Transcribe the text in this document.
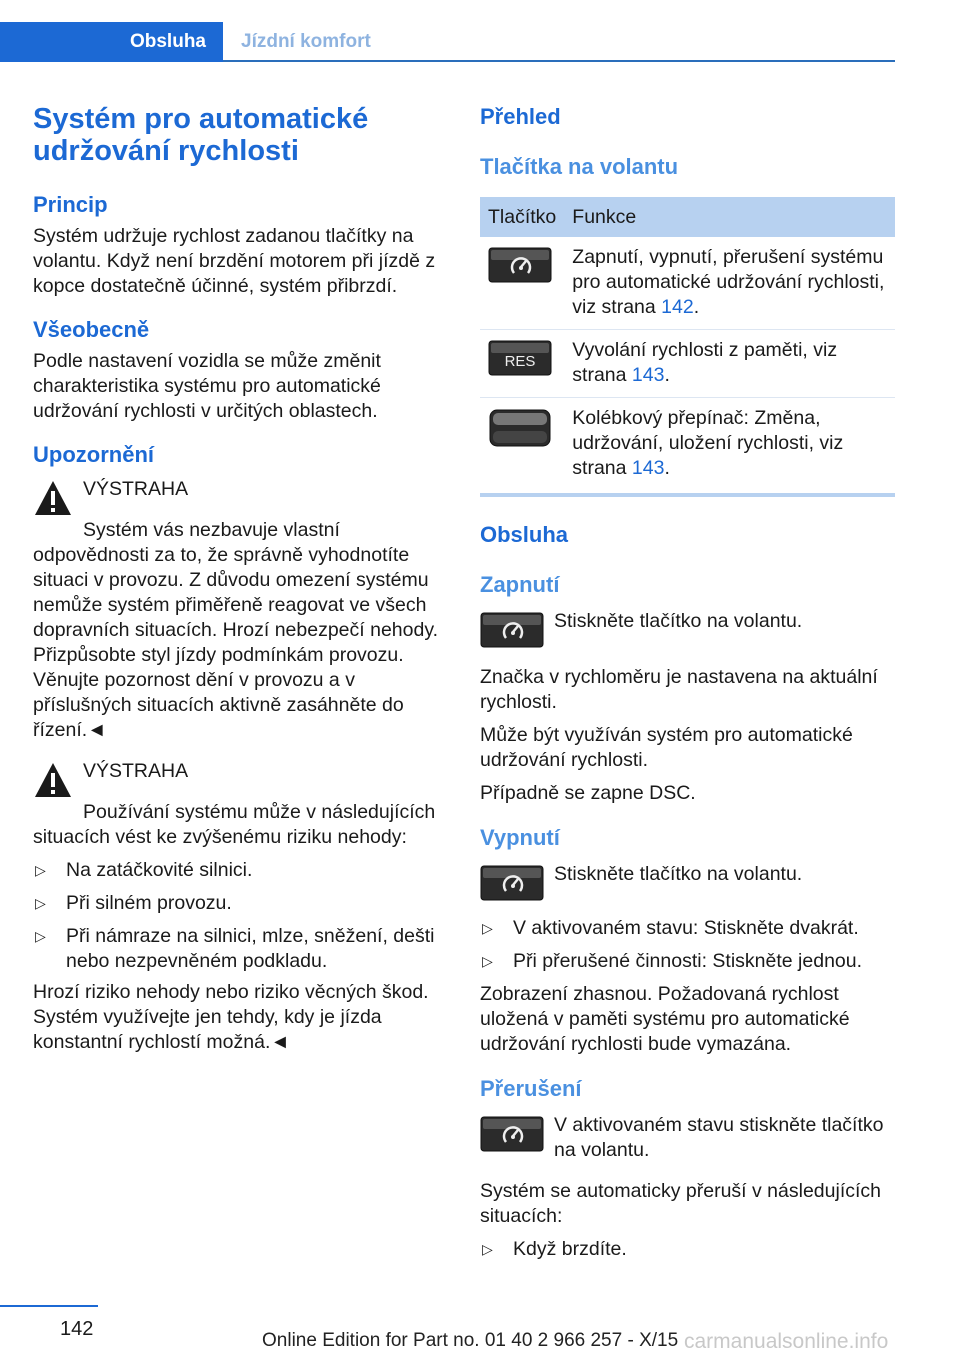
Obsluha	Jízdní komfort
Systém pro automatické udržování rychlosti
Princip

Systém udržuje rychlost zadanou tlačítky na volantu. Když není brzdění motorem při jízdě z kopce dostatečně účinné, systém přibrzdí.

Všeobecně

Podle nastavení vozidla se může změnit charakteristika systému pro automatické udržování rychlosti v určitých oblastech.

Upozornění
VÝSTRAHA

Systém vás nezbavuje vlastní odpovědnosti za to, že správně vyhodnotíte situaci v provozu. Z důvodu omezení systému nemůže systém přiměřeně reagovat ve všech dopravních situacích. Hrozí nebezpečí nehody. Přizpůsobte styl jízdy podmínkám provozu. Věnujte pozornost dění v provozu a v příslušných situacích aktivně zasáhněte do řízení.◄

VÝSTRAHA

Používání systému může v následujících situacích vést ke zvýšenému riziku nehody:

▷ Na zatáčkovité silnici.
▷ Při silném provozu.
▷ Při námraze na silnici, mlze, sněžení, dešti nebo nezpevněném podkladu.

Hrozí riziko nehody nebo riziko věcných škod. Systém využívejte jen tehdy, kdy je jízda konstantní rychlostí možná.◄

Přehled
Tlačítka na volantu
Tlačítko	Funkce

	Zapnutí, vypnutí, přerušení systému pro automatické udržování rychlosti, viz strana 142.

RES	Vyvolání rychlosti z paměti, viz strana 143.

	Kolébkový přepínač: Změna, udržování, uložení rychlosti, viz strana 143.
Obsluha
Zapnutí

Stiskněte tlačítko na volantu.

Značka v rychloměru je nastavena na aktuální rychlosti.

Může být využíván systém pro automatické udržování rychlosti.

Případně se zapne DSC.

Vypnutí

Stiskněte tlačítko na volantu.

▷ V aktivovaném stavu: Stiskněte dvakrát.
▷ Při přerušené činnosti: Stiskněte jednou.

Zobrazení zhasnou. Požadovaná rychlost uložená v paměti systému pro automatické udržování rychlosti bude vymazána.

Přerušení

V aktivovaném stavu stiskněte tlačítko na volantu.

Systém se automaticky přeruší v následujících situacích:

▷ Když brzdíte.
142
Online Edition for Part no. 01 40 2 966 257 - X/15 carmanualsonline.info
